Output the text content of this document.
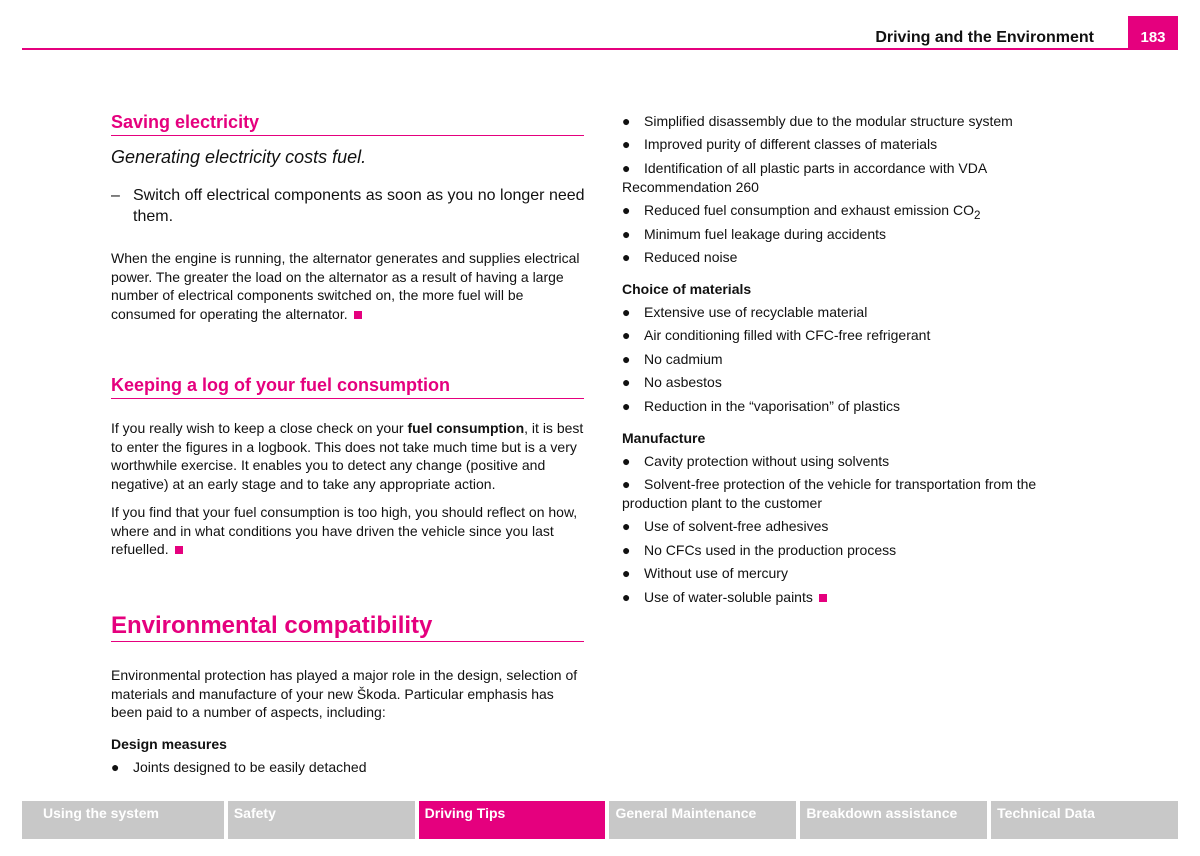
Driving and the Environment	183
Saving electricity
Generating electricity costs fuel.
– Switch off electrical components as soon as you no longer need them.
When the engine is running, the alternator generates and supplies electrical power. The greater the load on the alternator as a result of having a large number of electrical components switched on, the more fuel will be consumed for operating the alternator.
Keeping a log of your fuel consumption
If you really wish to keep a close check on your fuel consumption, it is best to enter the figures in a logbook. This does not take much time but is a very worthwhile exercise. It enables you to detect any change (positive and negative) at an early stage and to take any appropriate action.
If you find that your fuel consumption is too high, you should reflect on how, where and in what conditions you have driven the vehicle since you last refuelled.
Environmental compatibility
Environmental protection has played a major role in the design, selection of materials and manufacture of your new Škoda. Particular emphasis has been paid to a number of aspects, including:
Design measures
● Joints designed to be easily detached
● Simplified disassembly due to the modular structure system
● Improved purity of different classes of materials
● Identification of all plastic parts in accordance with VDA Recommendation 260
● Reduced fuel consumption and exhaust emission $CO_2$
● Minimum fuel leakage during accidents
● Reduced noise
Choice of materials
● Extensive use of recyclable material
● Air conditioning filled with CFC-free refrigerant
● No cadmium
● No asbestos
● Reduction in the “vaporisation” of plastics
Manufacture
● Cavity protection without using solvents
● Solvent-free protection of the vehicle for transportation from the production plant to the customer
● Use of solvent-free adhesives
● No CFCs used in the production process
● Without use of mercury
● Use of water-soluble paints
Using the system	Safety	Driving Tips	General Maintenance	Breakdown assistance	Technical Data
